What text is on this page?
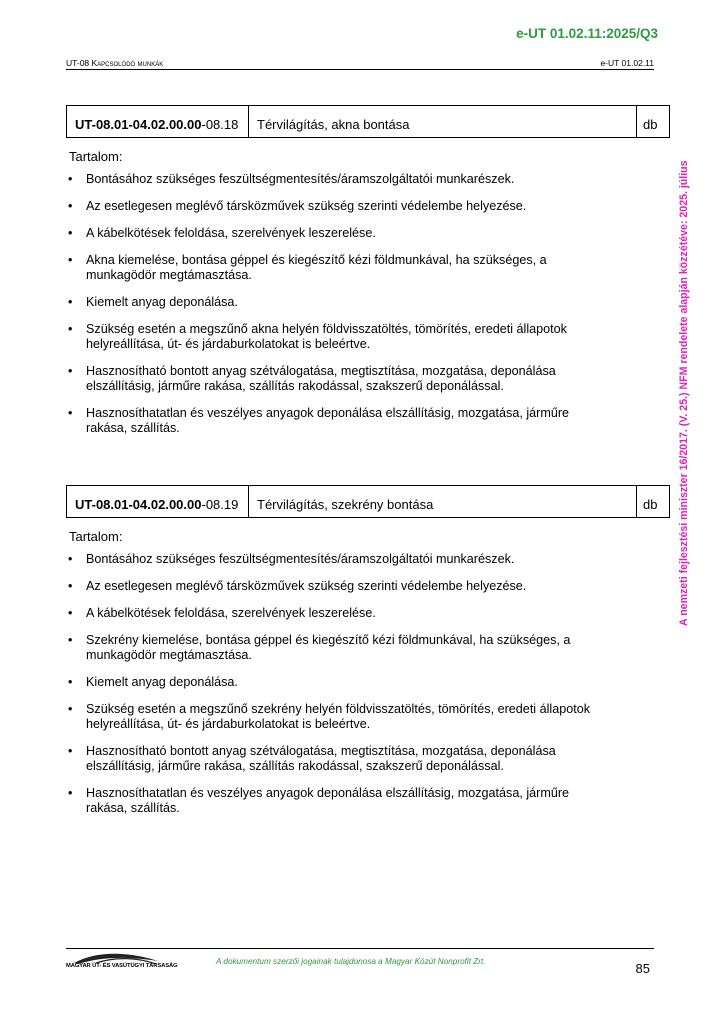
e-UT 01.02.11:2025/Q3
UT-08 Kapcsolódó munkák	e-UT 01.02.11
A nemzeti fejlesztési miniszter 16/2017. (V. 25.) NFM rendelete alapján közzétéve: 2025. július
UT-08.01-04.02.00.00 -08.18	Térvilágítás, akna bontása	db
Tartalom:
• Bontásához szükséges feszültségmentesítés/áramszolgáltatói munkarészek.
• Az esetlegesen meglévő társközművek szükség szerinti védelembe helyezése.
• A kábelkötések feloldása, szerelvények leszerelése.
• Akna kiemelése, bontása géppel és kiegészítő kézi földmunkával, ha szükséges, a munkagödör megtámasztása.
• Kiemelt anyag deponálása.
• Szükség esetén a megszűnő akna helyén földvisszatöltés, tömörítés, eredeti állapotok helyreállítása, út- és járdaburkolatokat is beleértve.
• Hasznosítható bontott anyag szétválogatása, megtisztítása, mozgatása, deponálása elszállításig, járműre rakása, szállítás rakodással, szakszerű deponálással.
• Hasznosíthatatlan és veszélyes anyagok deponálása elszállításig, mozgatása, járműre rakása, szállítás.
UT-08.01-04.02.00.00 -08.19	Térvilágítás, szekrény bontása	db
Tartalom:
• Bontásához szükséges feszültségmentesítés/áramszolgáltatói munkarészek.
• Az esetlegesen meglévő társközművek szükség szerinti védelembe helyezése.
• A kábelkötések feloldása, szerelvények leszerelése.
• Szekrény kiemelése, bontása géppel és kiegészítő kézi földmunkával, ha szükséges, a munkagödör megtámasztása.
• Kiemelt anyag deponálása.
• Szükség esetén a megszűnő szekrény helyén földvisszatöltés, tömörítés, eredeti állapotok helyreállítása, út- és járdaburkolatokat is beleértve.
• Hasznosítható bontott anyag szétválogatása, megtisztítása, mozgatása, deponálása elszállításig, járműre rakása, szállítás rakodással, szakszerű deponálással.
• Hasznosíthatatlan és veszélyes anyagok deponálása elszállításig, mozgatása, járműre rakása, szállítás.
MAGYAR ÚT- ÉS VASÚTÜGYI TÁRSASÁG	A dokumentum szerzői jogainak tulajdonosa a Magyar Közút Nonprofit Zrt.	85
